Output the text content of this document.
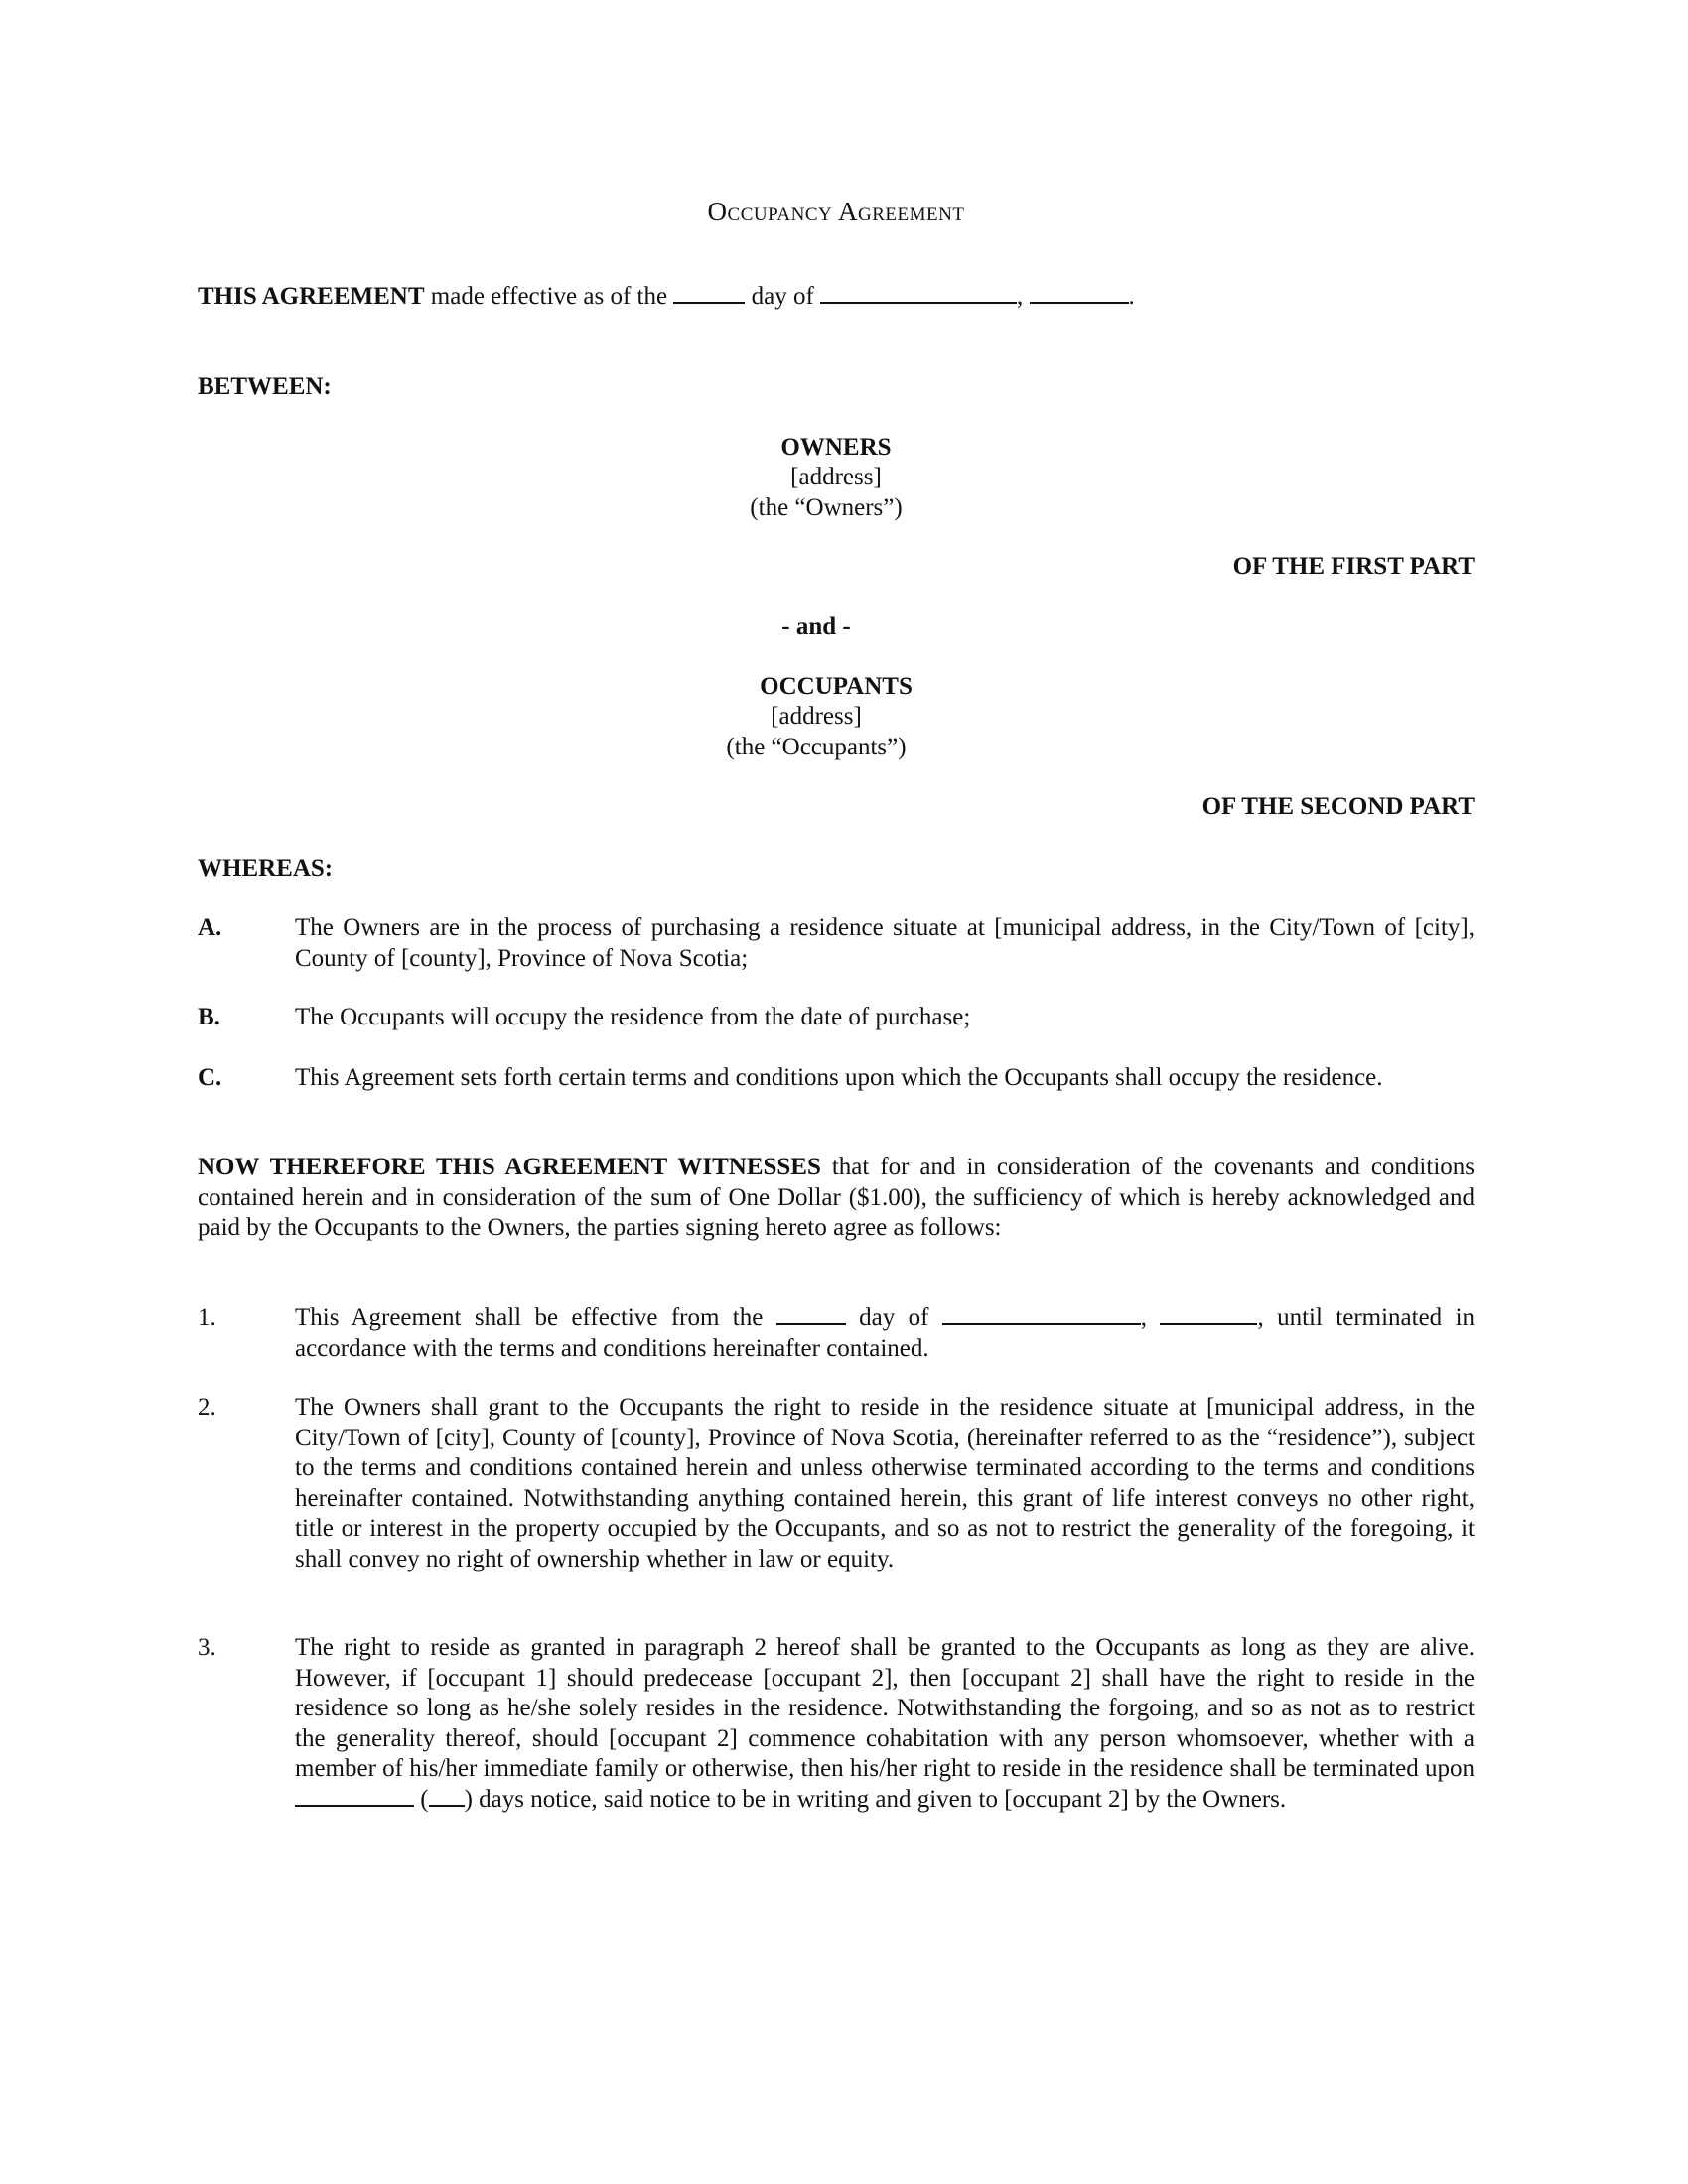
Occupancy Agreement
THIS AGREEMENT made effective as of the	day of	,	.
BETWEEN:
OWNERS
[address]
(the “Owners”)
OF THE FIRST PART
- and -
OCCUPANTS
[address]
(the “Occupants”)
OF THE SECOND PART
WHEREAS:
A.	The Owners are in the process of purchasing a residence situate at [municipal address, in the City/Town of [city], County of [county], Province of Nova Scotia;
B.	The Occupants will occupy the residence from the date of purchase;
C.	This Agreement sets forth certain terms and conditions upon which the Occupants shall occupy the residence.
NOW THEREFORE THIS AGREEMENT WITNESSES that for and in consideration of the covenants and conditions contained herein and in consideration of the sum of One Dollar ($1.00), the sufficiency of which is hereby acknowledged and paid by the Occupants to the Owners, the parties signing hereto agree as follows:
1.	This Agreement shall be effective from the	day of	,	, until terminated in accordance with the terms and conditions hereinafter contained.
2.	The Owners shall grant to the Occupants the right to reside in the residence situate at [municipal address, in the City/Town of [city], County of [county], Province of Nova Scotia, (hereinafter referred to as the “residence”), subject to the terms and conditions contained herein and unless otherwise terminated according to the terms and conditions hereinafter contained. Notwithstanding anything contained herein, this grant of life interest conveys no other right, title or interest in the property occupied by the Occupants, and so as not to restrict the generality of the foregoing, it shall convey no right of ownership whether in law or equity.
3.	The right to reside as granted in paragraph 2 hereof shall be granted to the Occupants as long as they are alive. However, if [occupant 1] should predecease [occupant 2], then [occupant 2] shall have the right to reside in the residence so long as he/she solely resides in the residence. Notwithstanding the forgoing, and so as not as to restrict the generality thereof, should [occupant 2] commence cohabitation with any person whomsoever, whether with a member of his/her immediate family or otherwise, then his/her right to reside in the residence shall be terminated upon  ( ) days notice, said notice to be in writing and given to [occupant 2] by the Owners.
